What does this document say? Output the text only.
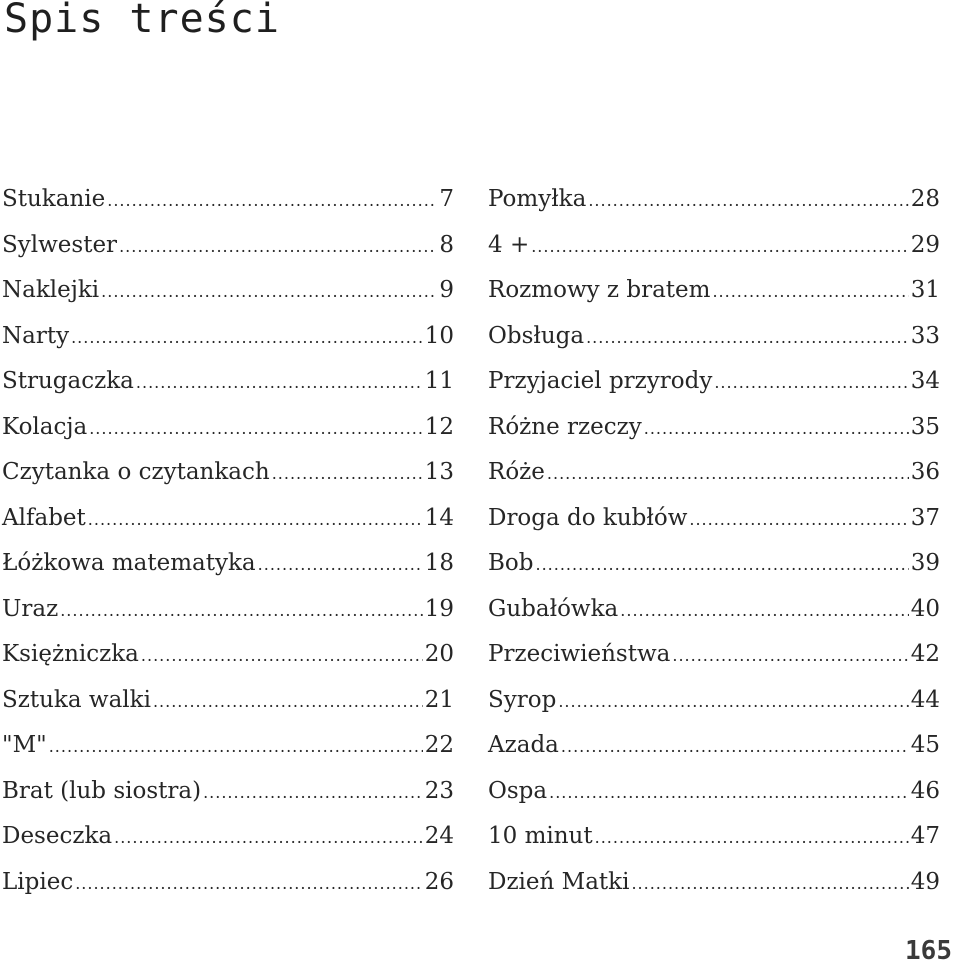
Spis treści
Stukanie .....	7
Sylwester .....	8
Naklejki .....	9
Narty .....	10
Strugaczka .....	11
Kolacja .....	12
Czytanka o czytankach .....	13
Alfabet .....	14
Łóżkowa matematyka .....	18
Uraz .....	19
Księżniczka .....	20
Sztuka walki .....	21
"M" .....	22
Brat (lub siostra) .....	23
Deseczka .....	24
Lipiec .....	26
Pomyłka .....	28
4 + .....	29
Rozmowy z bratem .....	31
Obsługa .....	33
Przyjaciel przyrody .....	34
Różne rzeczy .....	35
Róże .....	36
Droga do kubłów .....	37
Bob .....	39
Gubałówka .....	40
Przeciwieństwa .....	42
Syrop .....	44
Azada .....	45
Ospa .....	46
10 minut .....	47
Dzień Matki .....	49
165
